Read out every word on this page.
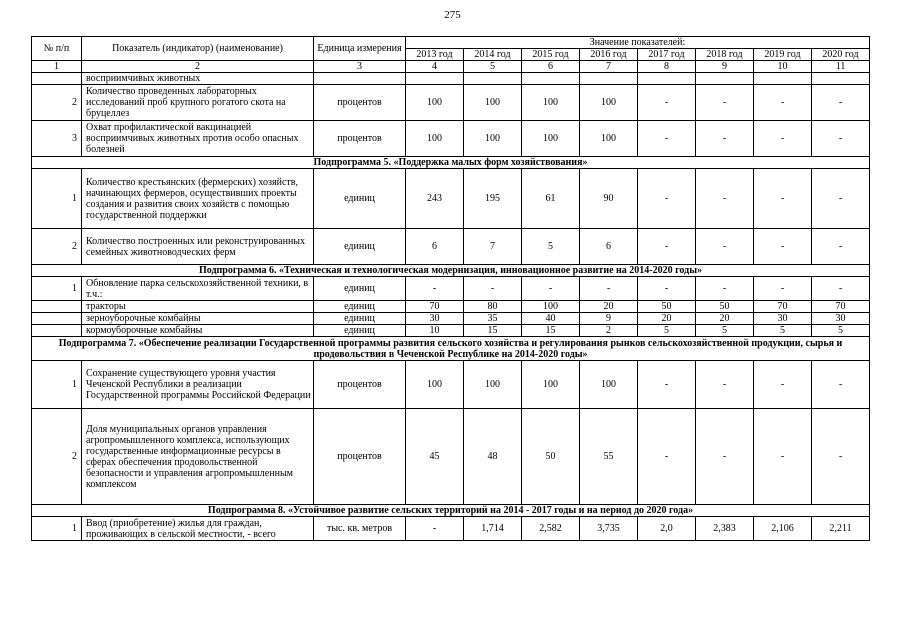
275
№ п/п	Показатель (индикатор) (наименование)	Единица измерения	Значение показателей:							
			2013 год	2014 год	2015 год	2016 год	2017 год	2018 год	2019 год	2020 год
1	2	3	4	5	6	7	8	9	10	11
	восприимчивых животных									
2	Количество проведенных лабораторных исследований проб крупного рогатого скота на бруцеллез	процентов	100	100	100	100	-	-	-	-
3	Охват профилактической вакцинацией восприимчивых животных против особо опасных болезней	процентов	100	100	100	100	-	-	-	-
Подпрограмма 5. «Поддержка малых форм хозяйствования»										
1	Количество крестьянских (фермерских) хозяйств, начинающих фермеров, осуществивших проекты создания и развития своих хозяйств с помощью государственной поддержки	единиц	243	195	61	90	-	-	-	-
2	Количество построенных или реконструированных семейных животноводческих ферм	единиц	6	7	5	6	-	-	-	-
Подпрограмма 6. «Техническая и технологическая модернизация, инновационное развитие на 2014-2020 годы»										
1	Обновление парка сельскохозяйственной техники, в т.ч.:	единиц	-	-	-	-	-	-	-	-
	тракторы	единиц	70	80	100	20	50	50	70	70
	зерноуборочные комбайны	единиц	30	35	40	9	20	20	30	30
	кормоуборочные комбайны	единиц	10	15	15	2	5	5	5	5
Подпрограмма 7. «Обеспечение реализации Государственной программы развития сельского хозяйства и регулирования рынков сельскохозяйственной продукции, сырья и продовольствия в Чеченской Республике на 2014-2020 годы»										
1	Сохранение существующего уровня участия Чеченской Республики в реализации Государственной программы Российской Федерации	процентов	100	100	100	100	-	-	-	-
2	Доля муниципальных органов управления агропромышленного комплекса, использующих государственные информационные ресурсы в сферах обеспечения продовольственной безопасности и управления агропромышленным комплексом	процентов	45	48	50	55	-	-	-	-
Подпрограмма 8. «Устойчивое развитие сельских территорий на 2014 - 2017 годы и на период до 2020 года»										
1	Ввод (приобретение) жилья для граждан, проживающих в сельской местности, - всего	тыс. кв. метров	-	1,714	2,582	3,735	2,0	2,383	2,106	2,211
